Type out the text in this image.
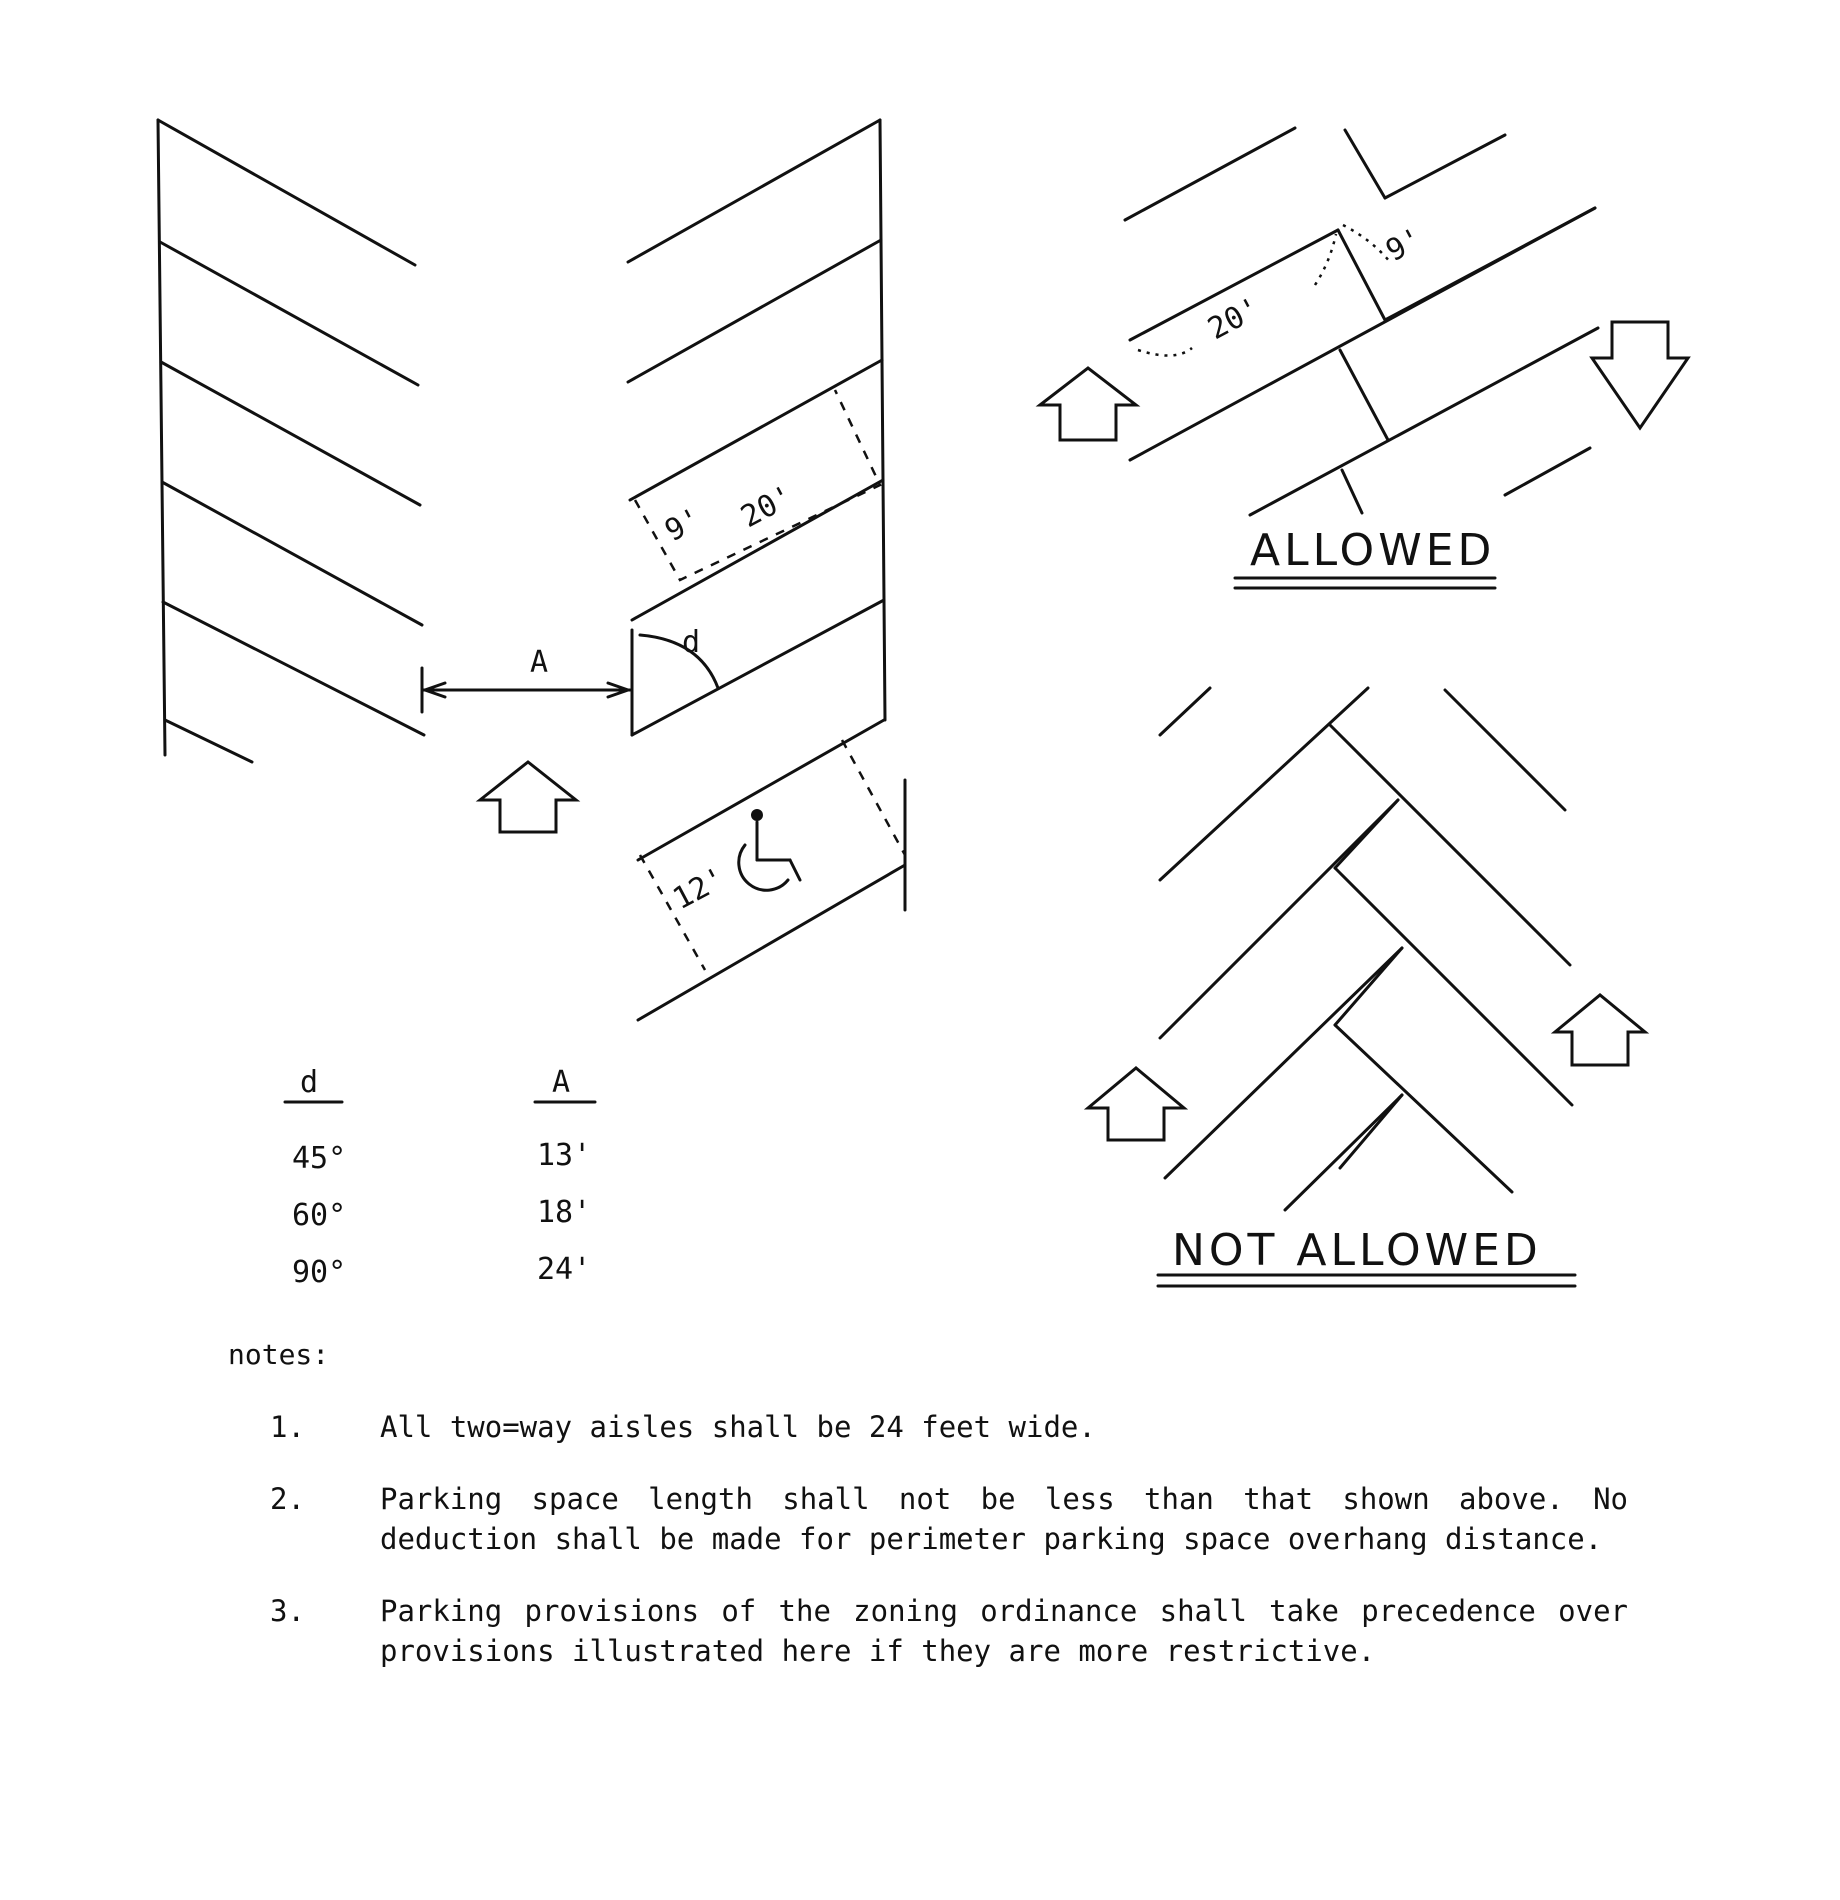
9' 20'
A
d
12'
9'
20'
ALLOWED
NOT ALLOWED
d	A
45°	13'
60°	18'
90°	24'
notes:
1.	All two=way aisles shall be 24 feet wide.
2.	Parking space length shall not be less than that shown above. No deduction shall be made for perimeter parking space overhang distance.
3.	Parking provisions of the zoning ordinance shall take precedence over provisions illustrated here if they are more restrictive.
